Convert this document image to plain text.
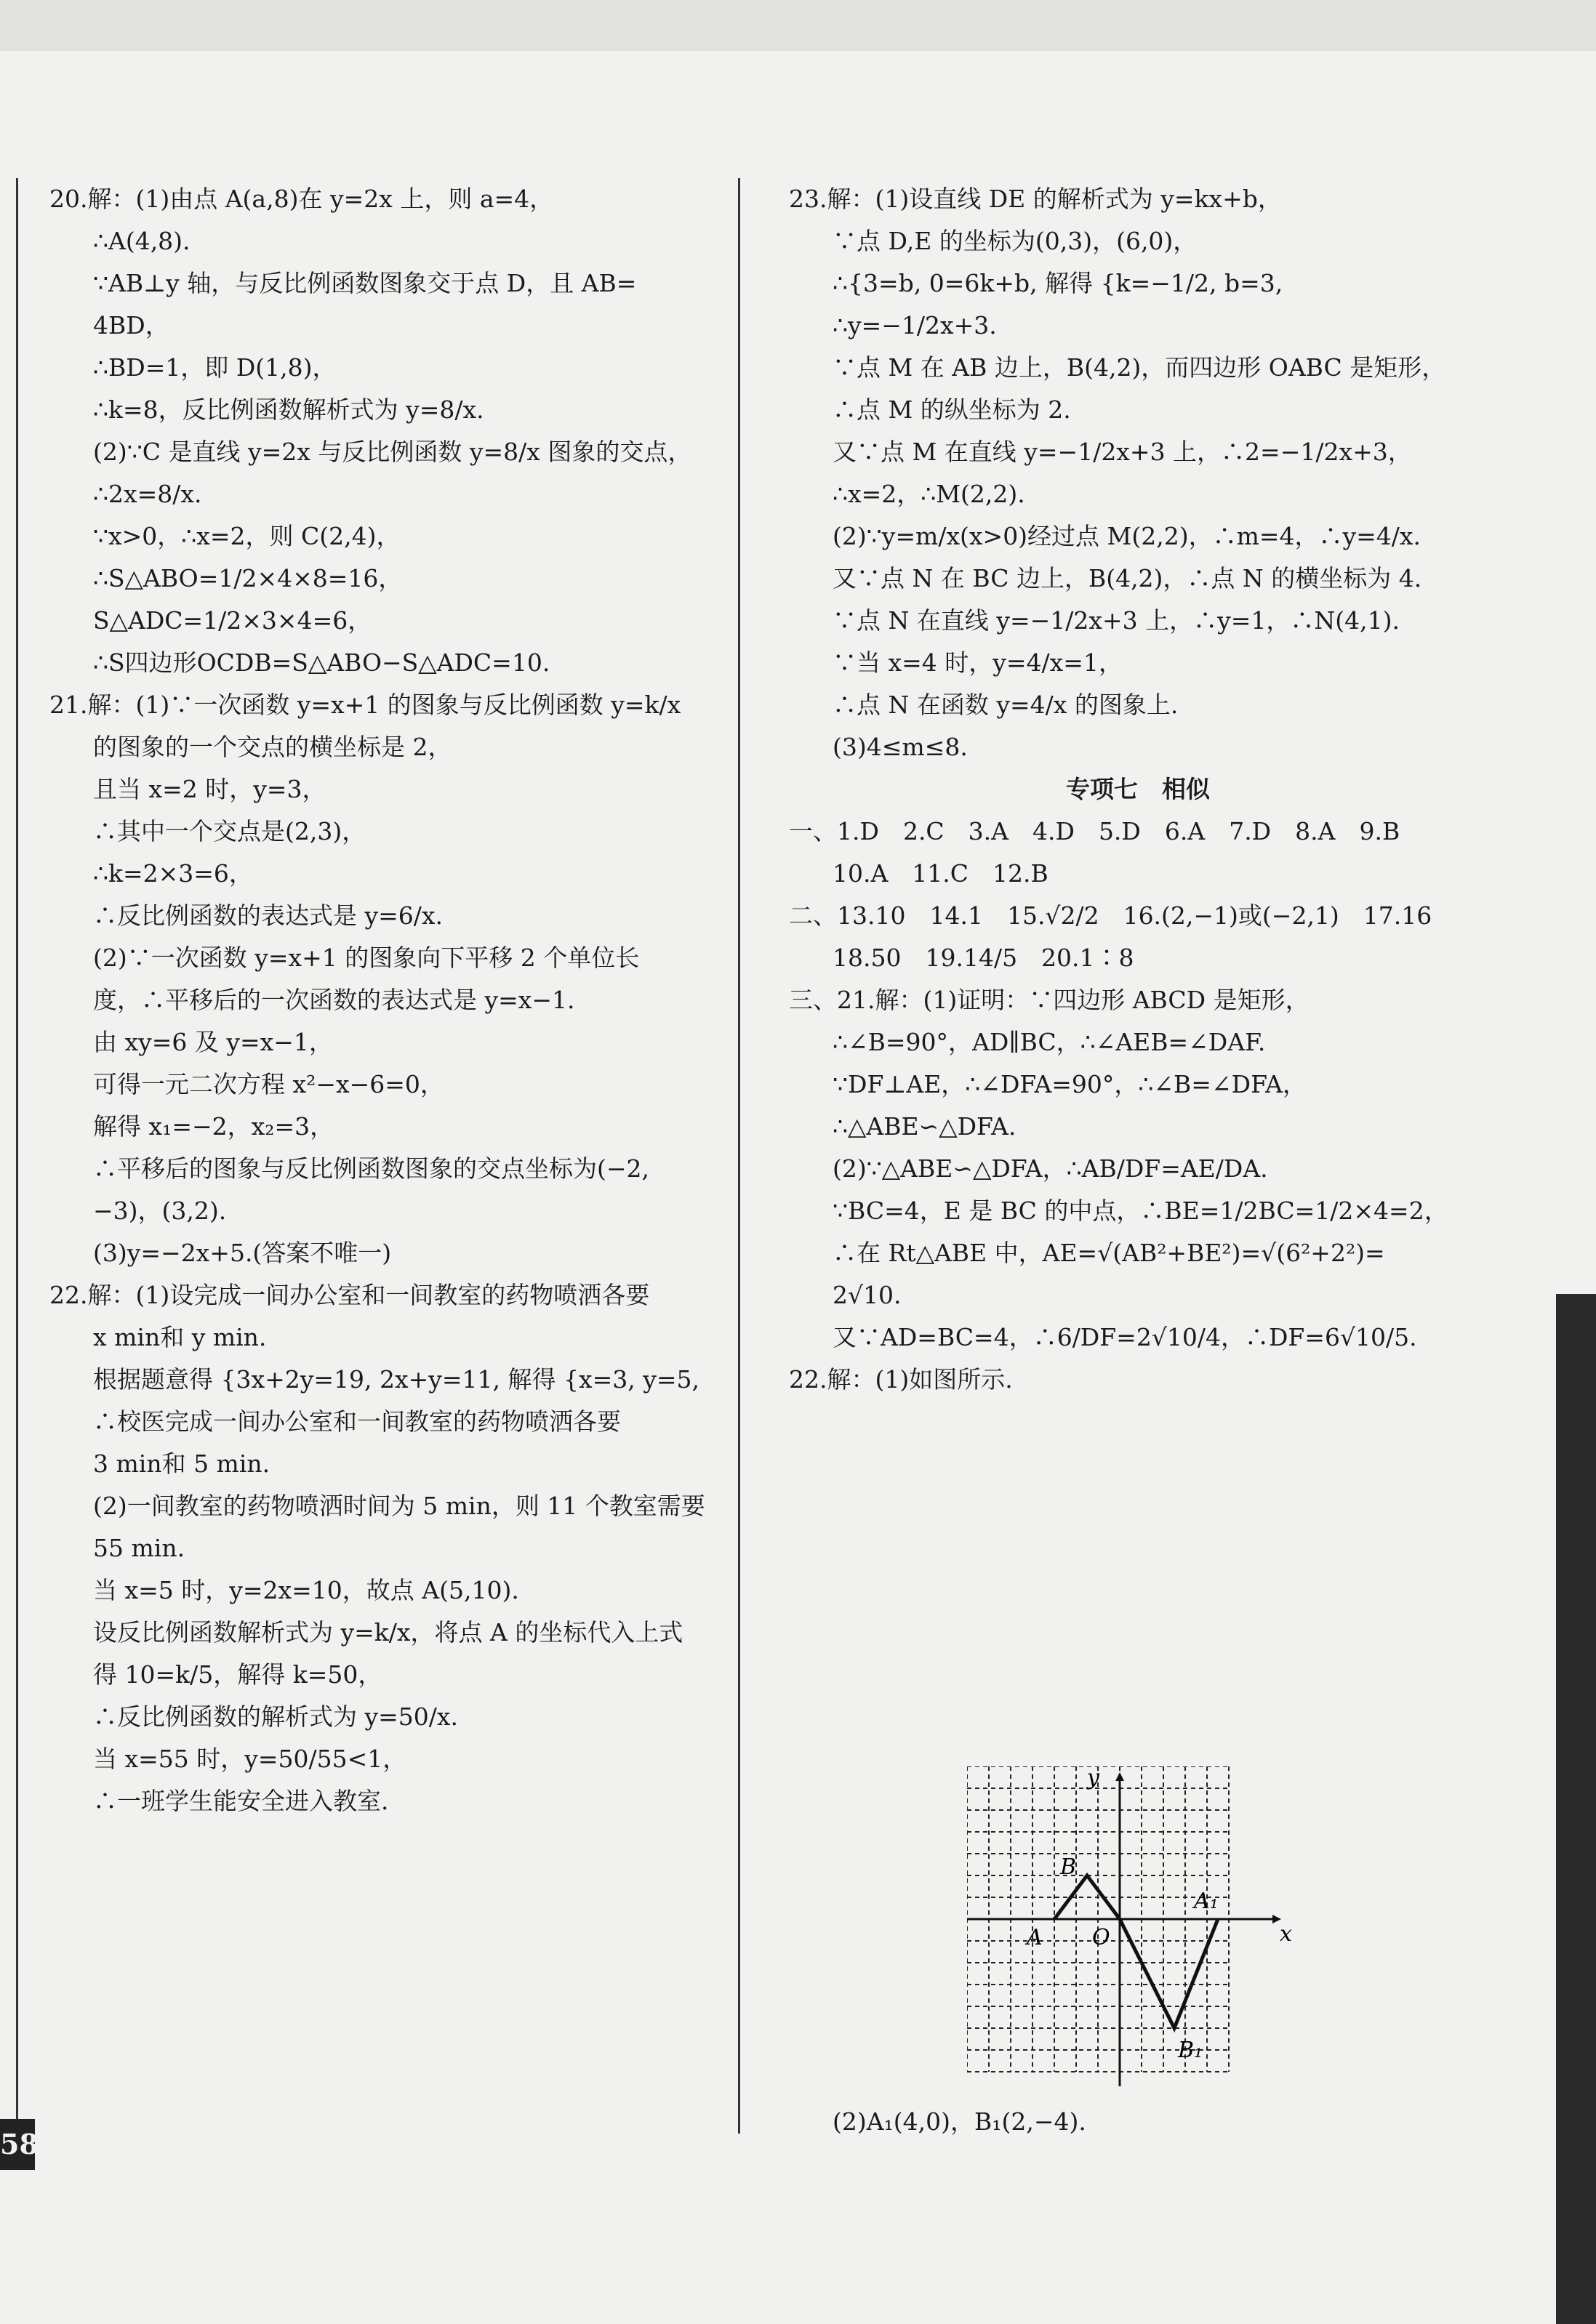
20.解：(1)由点 A(a,8)在 y=2x 上，则 a=4，

∴A(4,8).

∵AB⊥y 轴，与反比例函数图象交于点 D，且 AB=

4BD，

∴BD=1，即 D(1,8)，

∴k=8，反比例函数解析式为 y=8/x.

(2)∵C 是直线 y=2x 与反比例函数 y=8/x 图象的交点，

∴2x=8/x.

∵x>0，∴x=2，则 C(2,4)，

∴S△ABO=1/2×4×8=16，

S△ADC=1/2×3×4=6，

∴S四边形OCDB=S△ABO−S△ADC=10.

21.解：(1)∵一次函数 y=x+1 的图象与反比例函数 y=k/x

的图象的一个交点的横坐标是 2，

且当 x=2 时，y=3，

∴其中一个交点是(2,3)，

∴k=2×3=6，

∴反比例函数的表达式是 y=6/x.

(2)∵一次函数 y=x+1 的图象向下平移 2 个单位长

度，∴平移后的一次函数的表达式是 y=x−1.

由 xy=6 及 y=x−1，

可得一元二次方程 x²−x−6=0，

解得 x₁=−2，x₂=3，

∴平移后的图象与反比例函数图象的交点坐标为(−2,

−3)，(3,2).

(3)y=−2x+5.(答案不唯一)

22.解：(1)设完成一间办公室和一间教室的药物喷洒各要

x min和 y min.

根据题意得 {3x+2y=19, 2x+y=11, 解得 {x=3, y=5,

∴校医完成一间办公室和一间教室的药物喷洒各要

3 min和 5 min.

(2)一间教室的药物喷洒时间为 5 min，则 11 个教室需要

55 min.

当 x=5 时，y=2x=10，故点 A(5,10).

设反比例函数解析式为 y=k/x，将点 A 的坐标代入上式

得 10=k/5，解得 k=50，

∴反比例函数的解析式为 y=50/x.

当 x=55 时，y=50/55<1，

∴一班学生能安全进入教室.

23.解：(1)设直线 DE 的解析式为 y=kx+b，

∵点 D,E 的坐标为(0,3)，(6,0)，

∴{3=b, 0=6k+b, 解得 {k=−1/2, b=3,

∴y=−1/2x+3.

∵点 M 在 AB 边上，B(4,2)，而四边形 OABC 是矩形，

∴点 M 的纵坐标为 2.

又∵点 M 在直线 y=−1/2x+3 上，∴2=−1/2x+3，

∴x=2，∴M(2,2).

(2)∵y=m/x(x>0)经过点 M(2,2)，∴m=4，∴y=4/x.

又∵点 N 在 BC 边上，B(4,2)，∴点 N 的横坐标为 4.

∵点 N 在直线 y=−1/2x+3 上，∴y=1，∴N(4,1).

∵当 x=4 时，y=4/x=1，

∴点 N 在函数 y=4/x 的图象上.

(3)4≤m≤8.

专项七　相似

一、1.D　2.C　3.A　4.D　5.D　6.A　7.D　8.A　9.B

10.A　11.C　12.B

二、13.10　14.1　15.√2/2　16.(2,−1)或(−2,1)　17.16

18.50　19.14/5　20.1∶8

三、21.解：(1)证明：∵四边形 ABCD 是矩形，

∴∠B=90°，AD∥BC，∴∠AEB=∠DAF.

∵DF⊥AE，∴∠DFA=90°，∴∠B=∠DFA，

∴△ABE∽△DFA.

(2)∵△ABE∽△DFA，∴AB/DF=AE/DA.

∵BC=4，E 是 BC 的中点，∴BE=1/2BC=1/2×4=2，

∴在 Rt△ABE 中，AE=√(AB²+BE²)=√(6²+2²)=

2√10.

又∵AD=BC=4，∴6/DF=2√10/4，∴DF=6√10/5.

22.解：(1)如图所示.

58
y
x
O
A
B
A₁
B₁
(2)A₁(4,0)，B₁(2,−4).
